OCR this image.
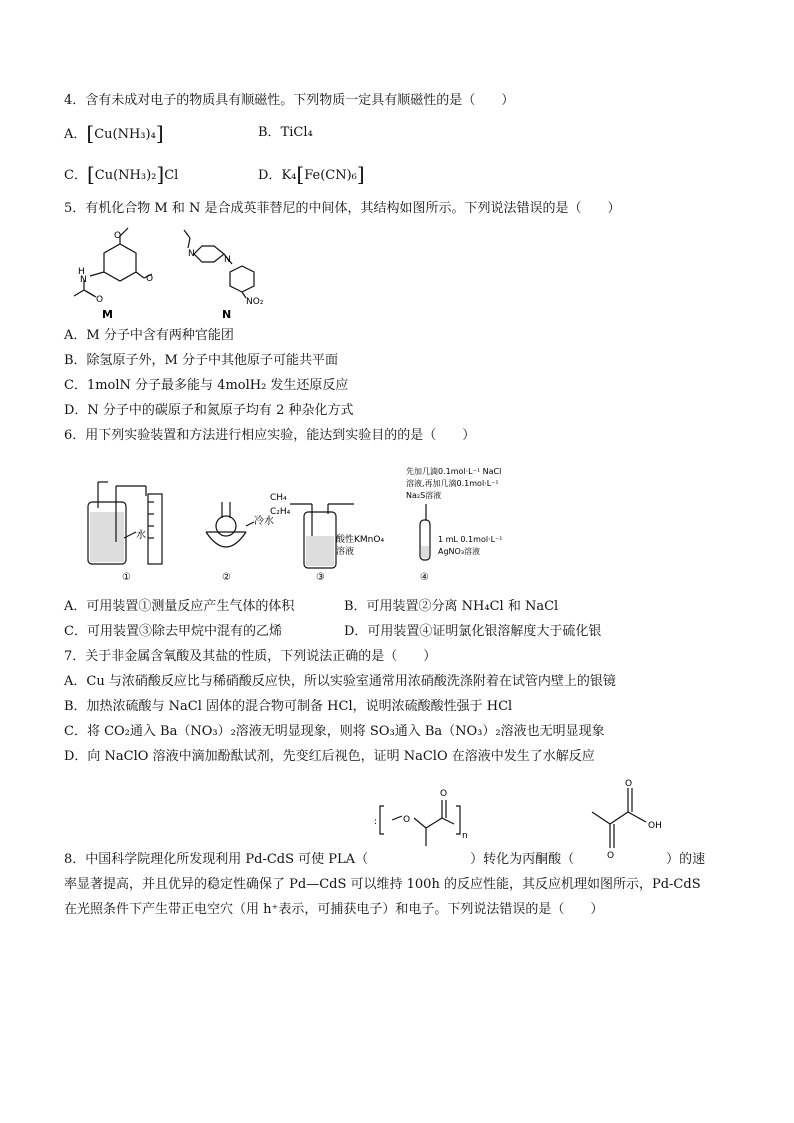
4．含有未成对电子的物质具有顺磁性。下列物质一定具有顺磁性的是（　　）
A．[Cu(NH₃)₄]	B．TiCl₄
C．[Cu(NH₃)₂]Cl	D．K₄[Fe(CN)₆]
5．有机化合物 M 和 N 是合成英菲替尼的中间体，其结构如图所示。下列说法错误的是（　　）
O
O
H
N
O
M
N
N
NO₂
N
A．M 分子中含有两种官能团
B．除氢原子外，M 分子中其他原子可能共平面
C．1molN 分子最多能与 4molH₂ 发生还原反应
D．N 分子中的碳原子和氮原子均有 2 种杂化方式
6．用下列实验装置和方法进行相应实验，能达到实验目的的是（　　）
水
①
冷水
②
CH₄
C₂H₄
酸性KMnO₄
溶液
③
先加几滴0.1mol·L⁻¹ NaCl
溶液,再加几滴0.1mol·L⁻¹
Na₂S溶液
1 mL 0.1mol·L⁻¹
AgNO₃溶液
④
A．可用装置①测量反应产生气体的体积	B．可用装置②分离 NH₄Cl 和 NaCl
C．可用装置③除去甲烷中混有的乙烯	D．可用装置④证明氯化银溶解度大于硫化银
7．关于非金属含氧酸及其盐的性质，下列说法正确的是（　　）
A．Cu 与浓硝酸反应比与稀硝酸反应快，所以实验室通常用浓硝酸洗涤附着在试管内壁上的银镜
B．加热浓硫酸与 NaCl 固体的混合物可制备 HCl，说明浓硫酸酸性强于 HCl
C．将 CO₂通入 Ba（NO₃）₂溶液无明显现象，则将 SO₃通入 Ba（NO₃）₂溶液也无明显现象
D．向 NaClO 溶液中滴加酚酞试剂，先变红后视色，证明 NaClO 在溶液中发生了水解反应
:	O
O
n
O
O
OH
8．中国科学院理化所发现利用 Pd-CdS 可使 PLA（	）转化为丙酮酸（	）的速
率显著提高，并且优异的稳定性确保了 Pd—CdS 可以维持 100h 的反应性能，其反应机理如图所示，Pd-CdS
在光照条件下产生带正电空穴（用 h⁺表示，可捕获电子）和电子。下列说法错误的是（　　）
